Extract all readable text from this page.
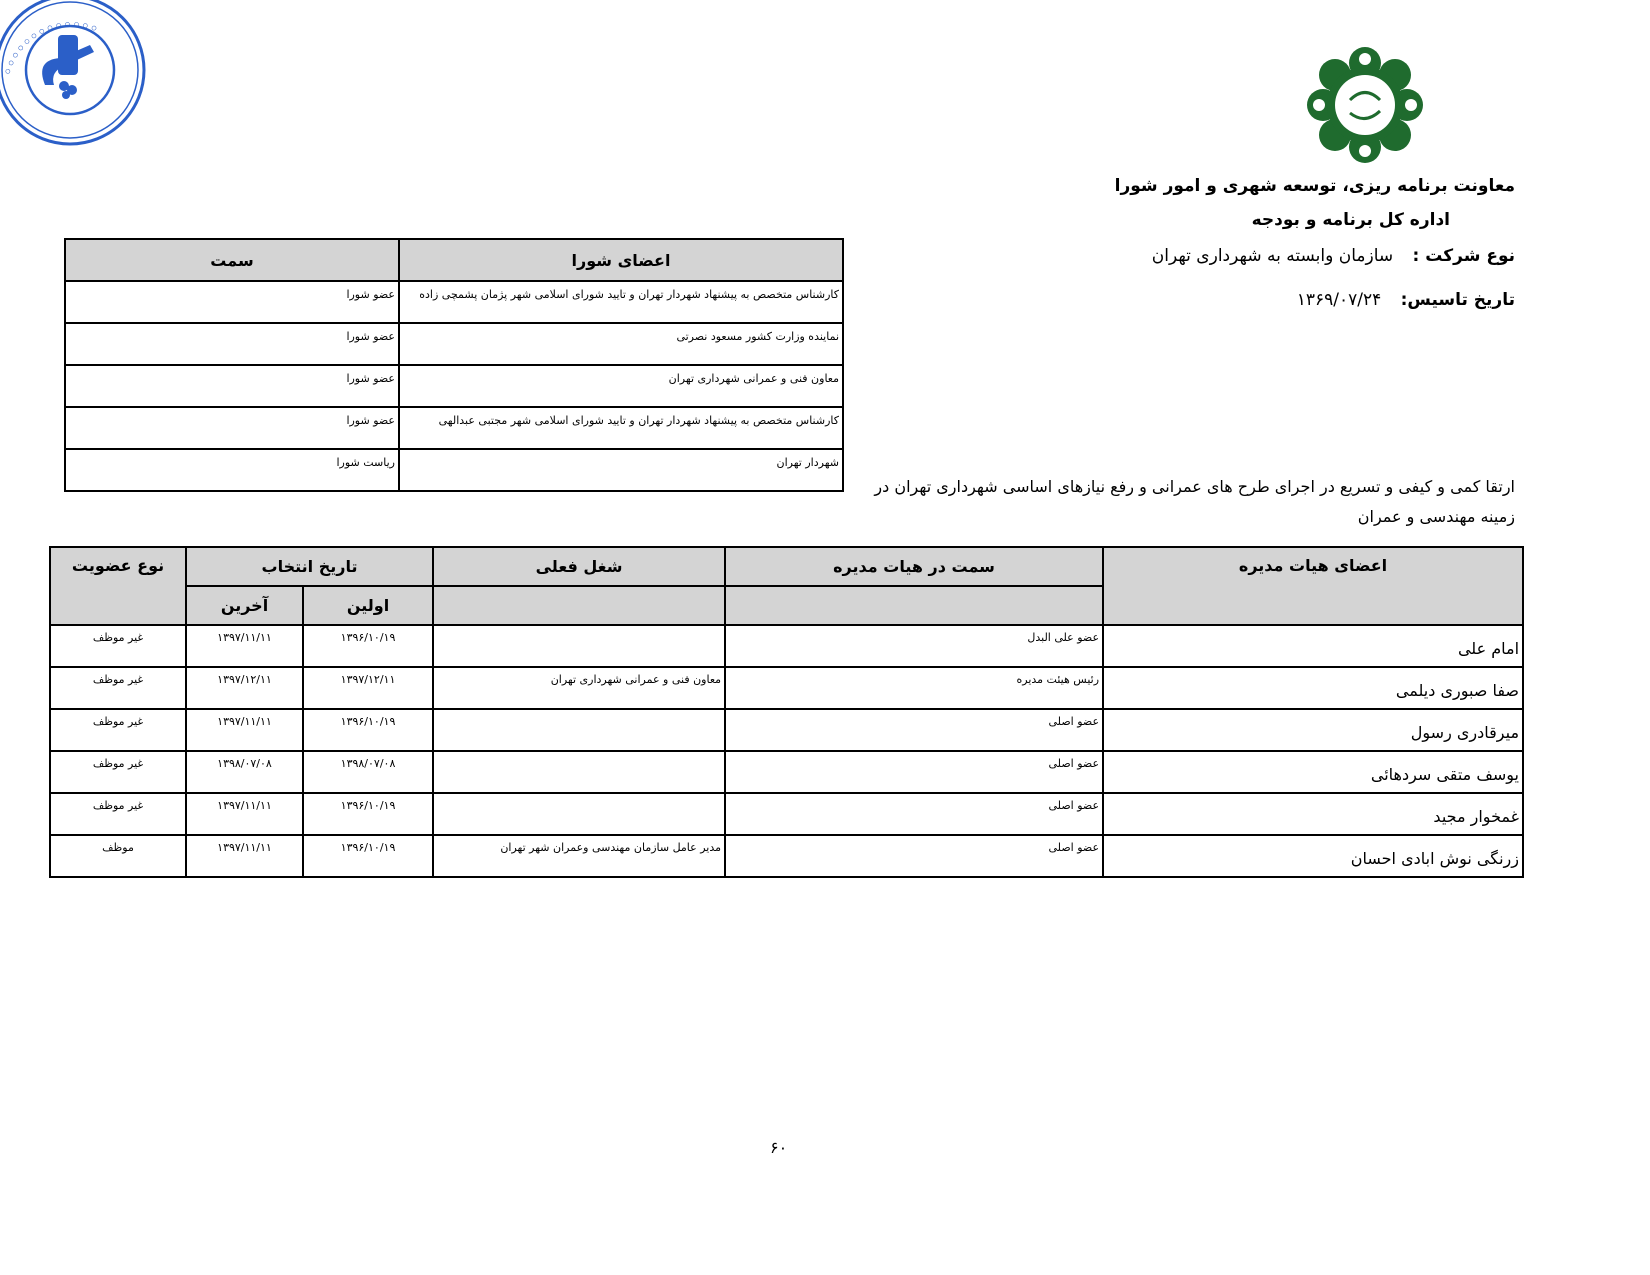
◦◦◦◦◦◦◦◦◦◦◦◦◦
معاونت برنامه ریزی، توسعه شهری و امور شورا
اداره کل برنامه و بودجه
نوع شرکت : سازمان وابسته به شهرداری تهران
تاریخ تاسیس: ۱۳۶۹/۰۷/۲۴
اعضای شورا	سمت
کارشناس متخصص به پیشنهاد شهردار تهران و تایید شورای اسلامی شهر پژمان پشمچی زاده	عضو شورا
نماینده وزارت کشور مسعود نصرتی	عضو شورا
معاون فنی و عمرانی شهرداری تهران	عضو شورا
کارشناس متخصص به پیشنهاد شهردار تهران و تایید شورای اسلامی شهر مجتبی عبدالهی	عضو شورا
شهردار تهران	ریاست شورا
ارتقا کمی و کیفی و تسریع در اجرای طرح های عمرانی و رفع نیازهای اساسی شهرداری تهران در زمینه مهندسی و عمران
اعضای هیات مدیره	سمت در هیات مدیره	شغل فعلی	تاریخ انتخاب		نوع عضویت
			اولین	آخرین	
امام علی	عضو علی البدل		۱۳۹۶/۱۰/۱۹	۱۳۹۷/۱۱/۱۱	غیر موظف
صفا صبوری دیلمی	رئیس هیئت مدیره	معاون فنی و عمرانی شهرداری تهران	۱۳۹۷/۱۲/۱۱	۱۳۹۷/۱۲/۱۱	غیر موظف
میرقادری رسول	عضو اصلی		۱۳۹۶/۱۰/۱۹	۱۳۹۷/۱۱/۱۱	غیر موظف
یوسف متقی سردهائی	عضو اصلی		۱۳۹۸/۰۷/۰۸	۱۳۹۸/۰۷/۰۸	غیر موظف
غمخوار مجید	عضو اصلی		۱۳۹۶/۱۰/۱۹	۱۳۹۷/۱۱/۱۱	غیر موظف
زرنگی نوش ابادی احسان	عضو اصلی	مدیر عامل سازمان مهندسی وعمران شهر تهران	۱۳۹۶/۱۰/۱۹	۱۳۹۷/۱۱/۱۱	موظف
۶۰
